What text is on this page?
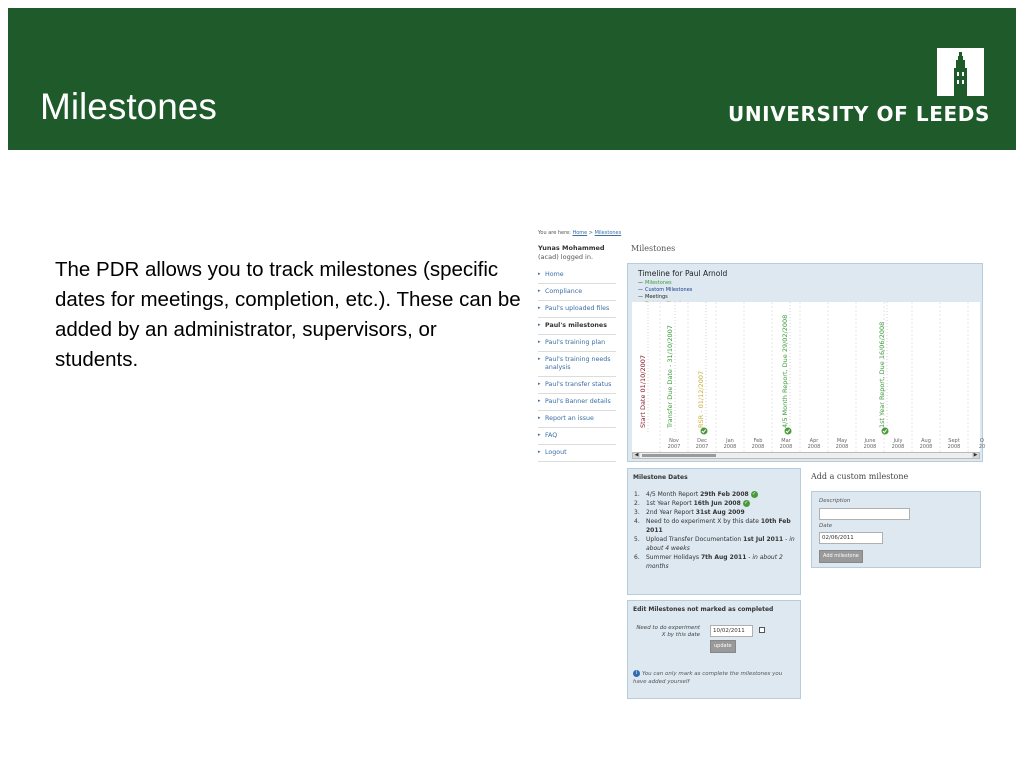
Milestones	UNIVERSITY OF LEEDS
The PDR allows you to track milestones (specific dates for meetings, completion, etc.). These can be added by an administrator, supervisors, or students.
You are here: Home > Milestones
Yunas Mohammed
(acad) logged in.
▸ Home
▸ Compliance
▸ Paul's uploaded files
▸ Paul's milestones
▸ Paul's training plan
▸ Paul's training needs analysis
▸ Paul's transfer status
▸ Paul's Banner details
▸ Report an issue
▸ FAQ
▸ Logout
Milestones
Timeline for Paul Arnold
— Milestones
— Custom Milestones
— Meetings
Nov
2007
Dec
2007
Jan
2008
Feb
2008
Mar
2008
Apr
2008
May
2008
June
2008
July
2008
Aug
2008
Sept
2008
O
20
Start Date 01/10/2007	Transfer Due Date - 31/10/2007	RSR - 01/12/2007	4/5 Month Report, Due 29/02/2008	1st Year Report, Due 16/06/2008
◀	▶
Milestone Dates
1. 4/5 Month Report 29th Feb 2008 ✓
2. 1st Year Report 16th Jun 2008 ✓
3. 2nd Year Report 31st Aug 2009
4. Need to do experiment X by this date 10th Feb 2011
5. Upload Transfer Documentation 1st Jul 2011 - in about 4 weeks
6. Summer Holidays 7th Aug 2011 - in about 2 months
Add a custom milestone
Description
Date
02/06/2011
Add milestone
Edit Milestones not marked as completed
Need to do experiment X by this date
10/02/2011
update
i You can only mark as complete the milestones you have added yourself
